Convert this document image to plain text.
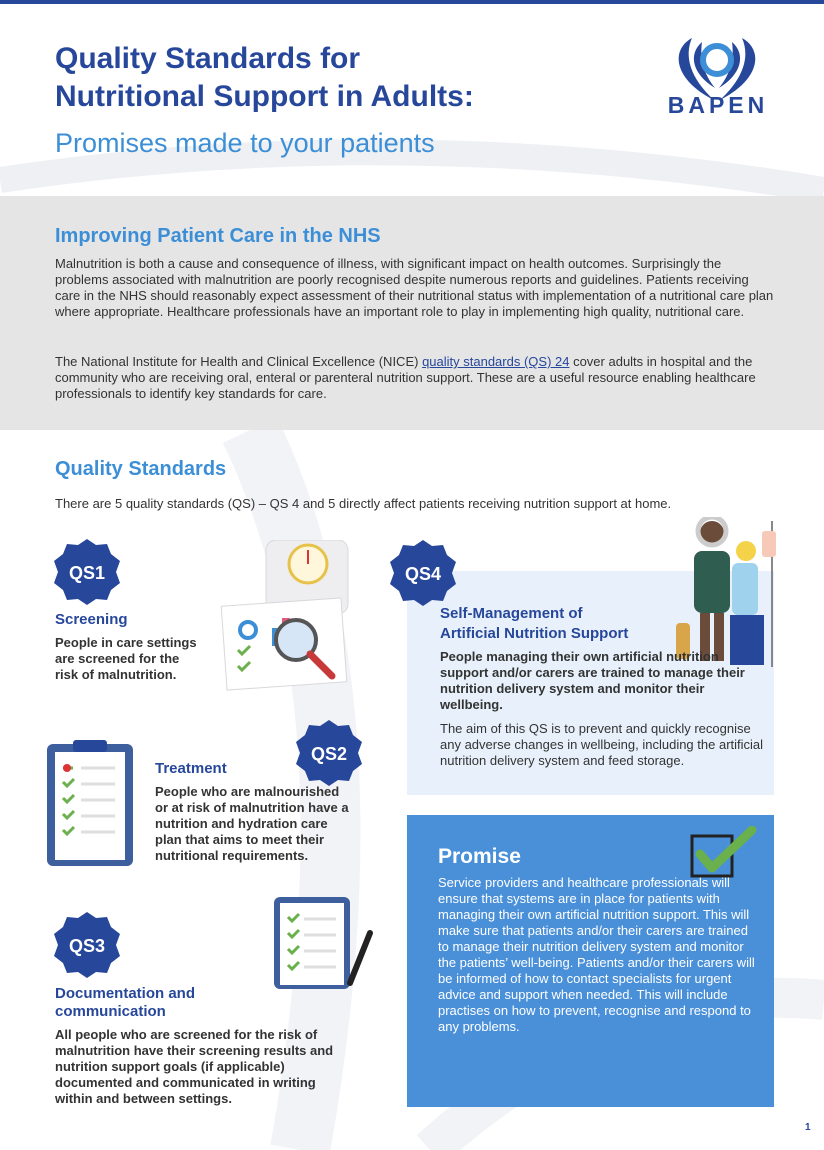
Quality Standards for
Nutritional Support in Adults:
Promises made to your patients
BAPEN
Improving Patient Care in the NHS

Malnutrition is both a cause and consequence of illness, with significant impact on health outcomes. Surprisingly the problems associated with malnutrition are poorly recognised despite numerous reports and guidelines. Patients receiving care in the NHS should reasonably expect assessment of their nutritional status with implementation of a nutritional care plan where appropriate. Healthcare professionals have an important role to play in implementing high quality, nutritional care.

The National Institute for Health and Clinical Excellence (NICE) quality standards (QS) 24 cover adults in hospital and the community who are receiving oral, enteral or parenteral nutrition support. These are a useful resource enabling healthcare professionals to identify key standards for care.

Quality Standards
There are 5 quality standards (QS) – QS 4 and 5 directly affect patients receiving nutrition support at home.
QS1
Screening
People in care settings are screened for the risk of malnutrition.
QS2
Treatment
People who are malnourished or at risk of malnutrition have a nutrition and hydration care plan that aims to meet their nutritional requirements.
QS3
Documentation and
communication
All people who are screened for the risk of malnutrition have their screening results and nutrition support goals (if applicable) documented and communicated in writing within and between settings.
QS4
Self-Management of
Artificial Nutrition Support
People managing their own artificial nutrition support and/or carers are trained to manage their nutrition delivery system and monitor their wellbeing.
The aim of this QS is to prevent and quickly recognise any adverse changes in wellbeing, including the artificial nutrition delivery system and feed storage.
Promise
Service providers and healthcare professionals will ensure that systems are in place for patients with managing their own artificial nutrition support. This will make sure that patients and/or their carers are trained to manage their nutrition delivery system and monitor the patients’ well-being. Patients and/or their carers will be informed of how to contact specialists for urgent advice and support when needed. This will include practises on how to prevent, recognise and respond to any problems.
1
